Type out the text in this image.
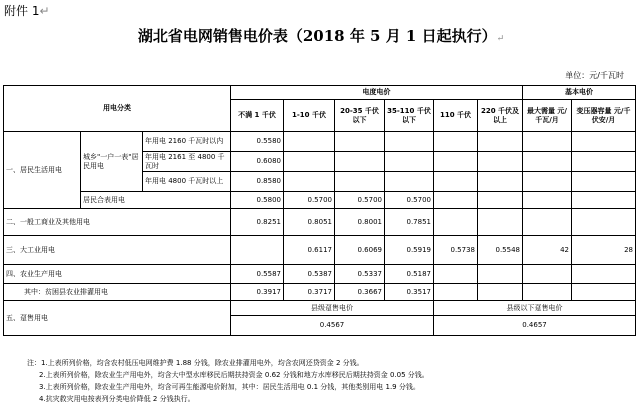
附件 1↵
湖北省电网销售电价表（2018 年 5 月 1 日起执行）↵
单位：元/千瓦时
用电分类			电度电价						基本电价	
			不满 1 千伏	1-10 千伏	20-35 千伏以下	35-110 千伏以下	110 千伏	220 千伏及以上	最大需量 元/千瓦/月	变压器容量 元/千伏安/月
一、居民生活用电	城乡"一户一表"居民用电	年用电 2160 千瓦时以内	0.5580							
		年用电 2161 至 4800 千瓦时	0.6080							
		年用电 4800 千瓦时以上	0.8580							
	居民合表用电		0.5800	0.5700	0.5700	0.5700				
二、一般工商业及其他用电			0.8251	0.8051	0.8001	0.7851				
三、大工业用电				0.6117	0.6069	0.5919	0.5738	0.5548	42	28
四、农业生产用电			0.5587	0.5387	0.5337	0.5187				
其中：贫困县农业排灌用电			0.3917	0.3717	0.3667	0.3517				
五、趸售用电			县级趸售电价				县级以下趸售电价			
			0.4567				0.4657			
注：1.上表所列价格，均含农村低压电网维护费 1.88 分钱，除农业排灌用电外，均含农网还贷资金 2 分钱。
2.上表所列价格，除农业生产用电外，均含大中型水库移民后期扶持资金 0.62 分钱和地方水库移民后期扶持资金 0.05 分钱。
3.上表所列价格，除农业生产用电外，均含可再生能源电价附加，其中：居民生活用电 0.1 分钱，其他类别用电 1.9 分钱。
4.抗灾救灾用电按表列分类电价降低 2 分钱执行。
